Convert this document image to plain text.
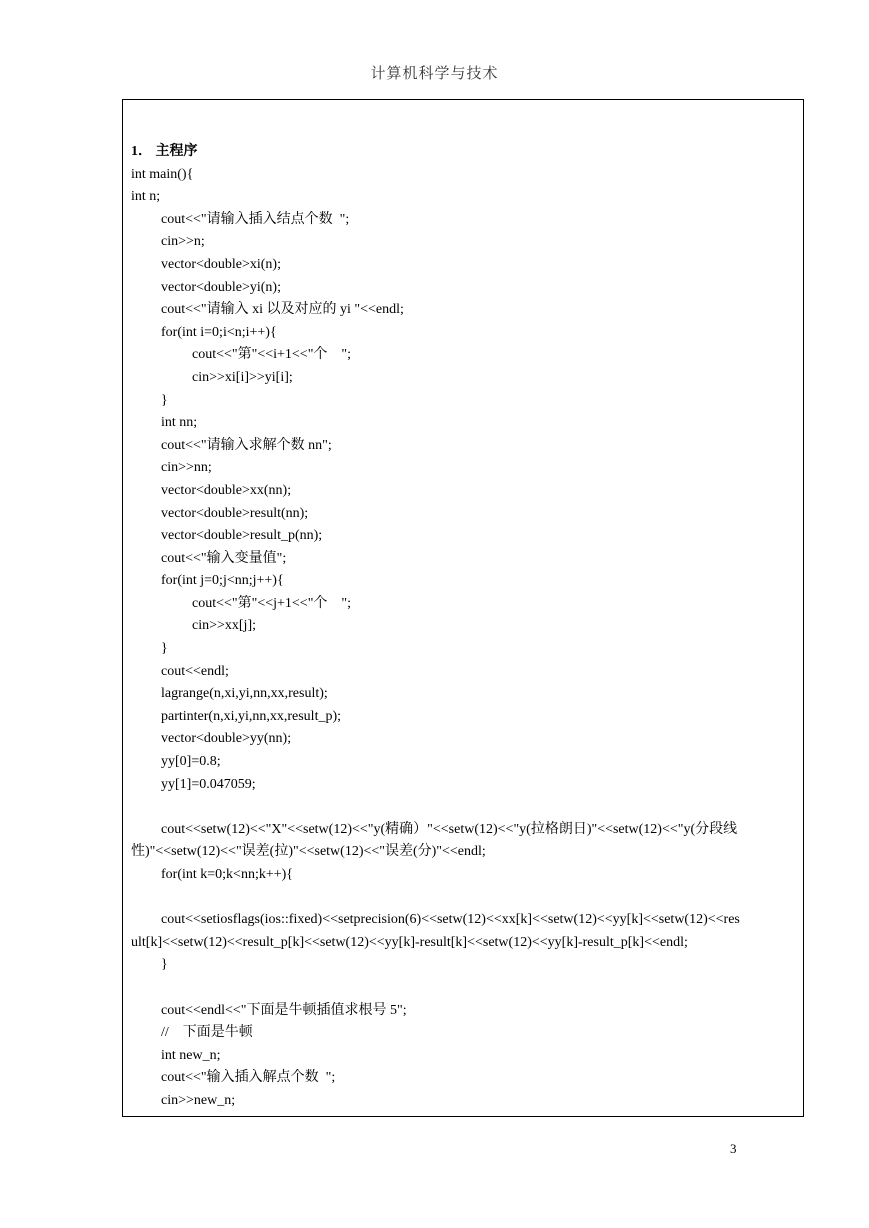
计算机科学与技术
1． 主程序
int main(){
int n;
cout<<"请输入插入结点个数  ";
cin>>n;
vector<double>xi(n);
vector<double>yi(n);
cout<<"请输入 xi 以及对应的 yi "<<endl;
for(int i=0;i<n;i++){
cout<<"第"<<i+1<<"个    ";
cin>>xi[i]>>yi[i];
}
int nn;
cout<<"请输入求解个数 nn";
cin>>nn;
vector<double>xx(nn);
vector<double>result(nn);
vector<double>result_p(nn);
cout<<"输入变量值";
for(int j=0;j<nn;j++){
cout<<"第"<<j+1<<"个    ";
cin>>xx[j];
}
cout<<endl;
lagrange(n,xi,yi,nn,xx,result);
partinter(n,xi,yi,nn,xx,result_p);
vector<double>yy(nn);
yy[0]=0.8;
yy[1]=0.047059;
cout<<setw(12)<<"X"<<setw(12)<<"y(精确）"<<setw(12)<<"y(拉格朗日)"<<setw(12)<<"y(分段线
性)"<<setw(12)<<"误差(拉)"<<setw(12)<<"误差(分)"<<endl;
for(int k=0;k<nn;k++){
cout<<setiosflags(ios::fixed)<<setprecision(6)<<setw(12)<<xx[k]<<setw(12)<<yy[k]<<setw(12)<<res
ult[k]<<setw(12)<<result_p[k]<<setw(12)<<yy[k]-result[k]<<setw(12)<<yy[k]-result_p[k]<<endl;
}
cout<<endl<<"下面是牛顿插值求根号 5";
//    下面是牛顿
int new_n;
cout<<"输入插入解点个数  ";
cin>>new_n;
3
